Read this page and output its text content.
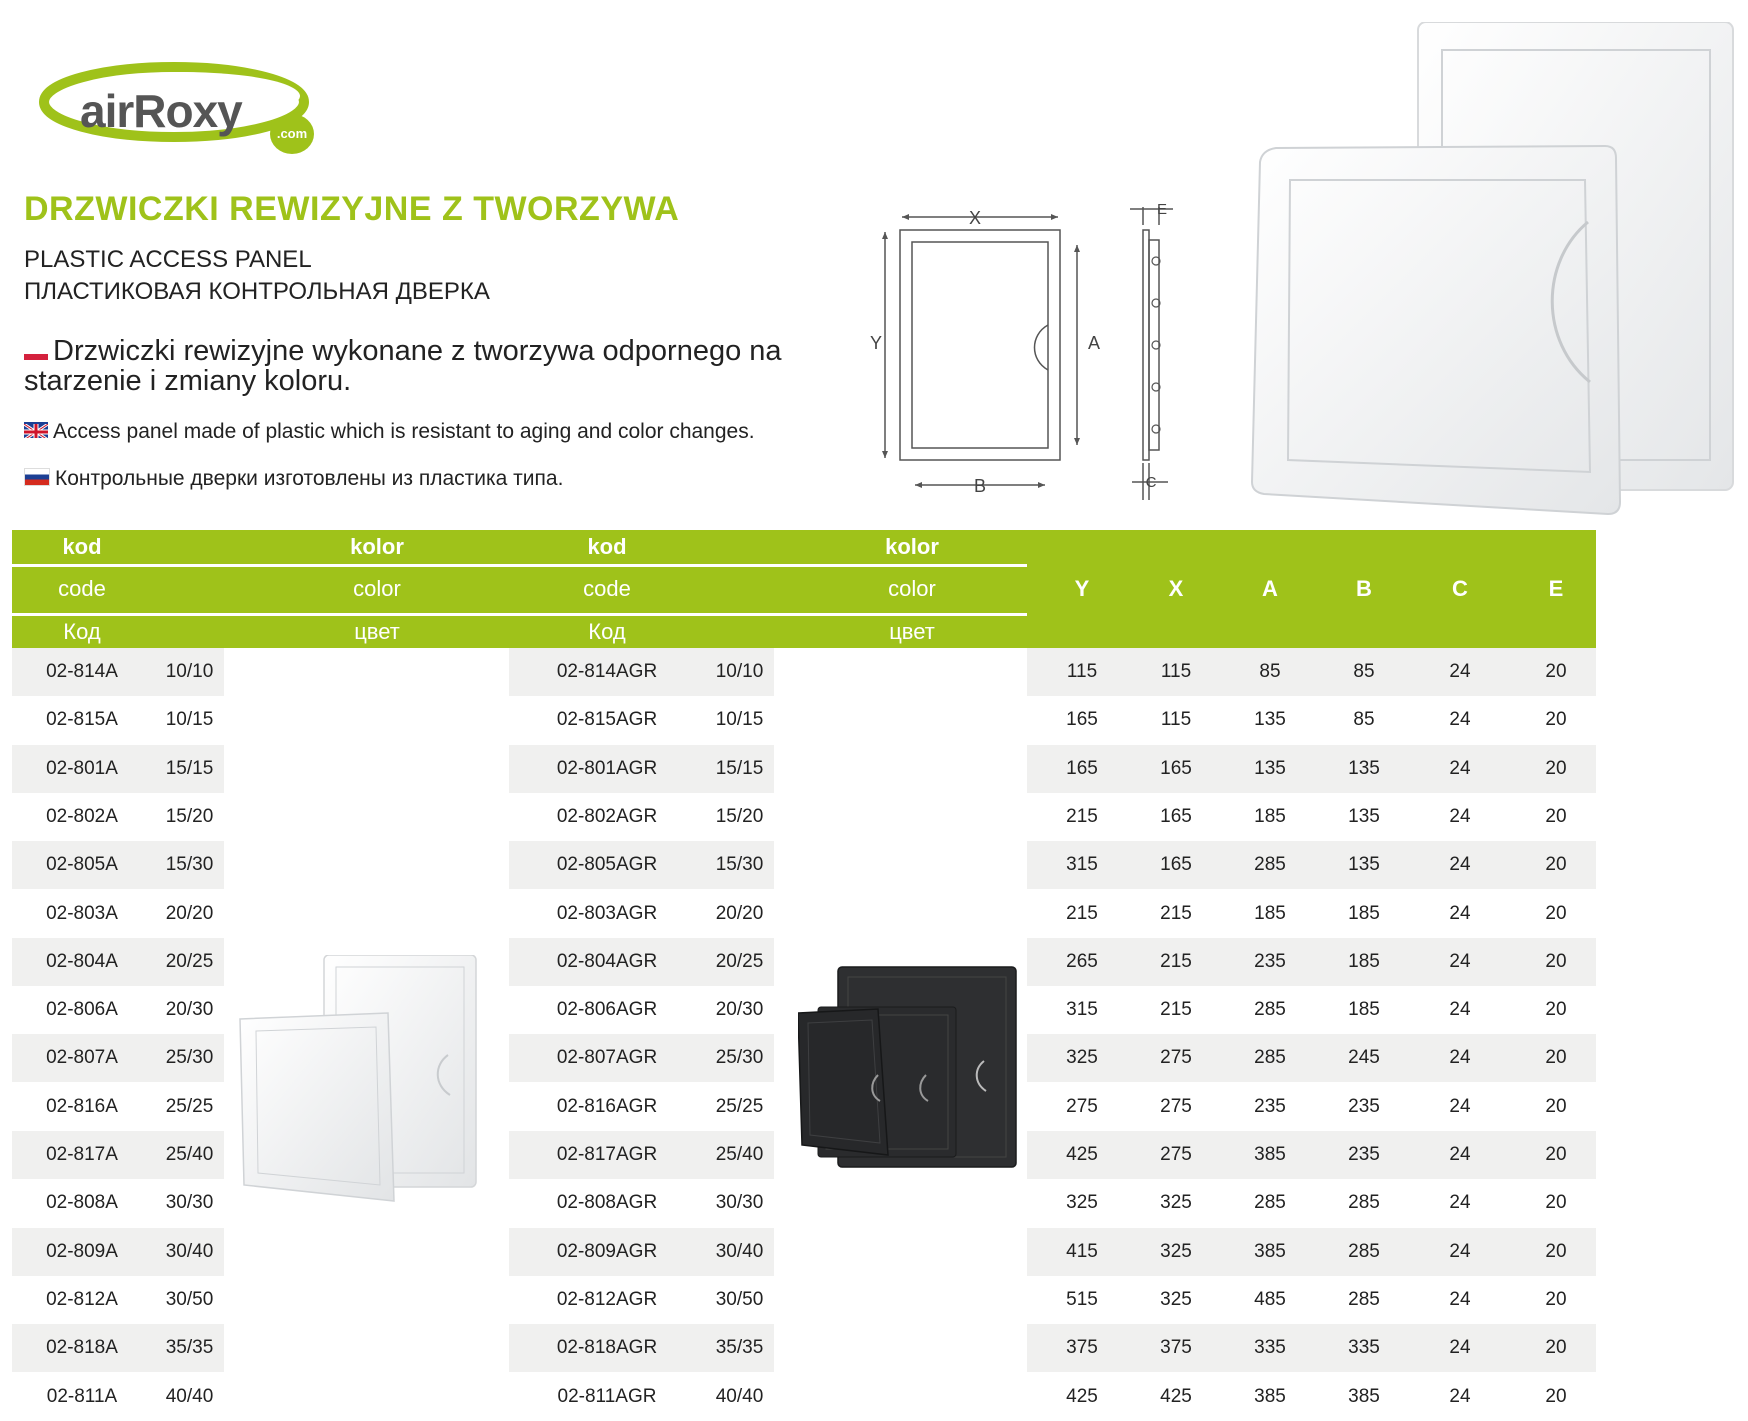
airRoxy	.com
DRZWICZKI REWIZYJNE Z TWORZYWA
PLASTIC ACCESS PANEL
ПЛАСТИКОВАЯ КОНТРОЛЬНАЯ ДВЕРКА
Drzwiczki rewizyjne wykonane z tworzywa odpornego na starzenie i zmiany koloru.
Access panel made of plastic which is resistant to aging and color changes.
Контрольные дверки изготовлены из пластика типа.
X
Y	A
B	C
E
kod
code
Код
kolor
color
цвет
kod
code
Код
kolor
color
цвет
Y	X	A	B	C	E
02-814A	10/10	02-814AGR	10/10	115	115	85	85	24	20
02-815A	10/15	02-815AGR	10/15	165	115	135	85	24	20
02-801A	15/15	02-801AGR	15/15	165	165	135	135	24	20
02-802A	15/20	02-802AGR	15/20	215	165	185	135	24	20
02-805A	15/30	02-805AGR	15/30	315	165	285	135	24	20
02-803A	20/20	02-803AGR	20/20	215	215	185	185	24	20
02-804A	20/25	02-804AGR	20/25	265	215	235	185	24	20
02-806A	20/30	02-806AGR	20/30	315	215	285	185	24	20
02-807A	25/30	02-807AGR	25/30	325	275	285	245	24	20
02-816A	25/25	02-816AGR	25/25	275	275	235	235	24	20
02-817A	25/40	02-817AGR	25/40	425	275	385	235	24	20
02-808A	30/30	02-808AGR	30/30	325	325	285	285	24	20
02-809A	30/40	02-809AGR	30/40	415	325	385	285	24	20
02-812A	30/50	02-812AGR	30/50	515	325	485	285	24	20
02-818A	35/35	02-818AGR	35/35	375	375	335	335	24	20
02-811A	40/40	02-811AGR	40/40	425	425	385	385	24	20
